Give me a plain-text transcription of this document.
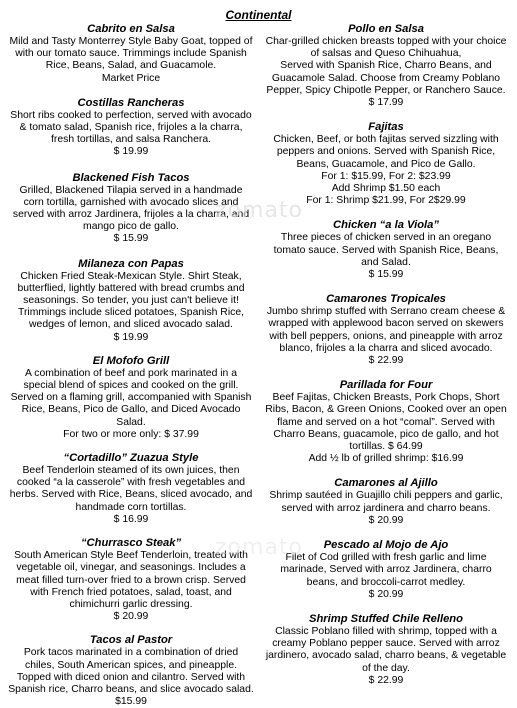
Continental
Cabrito en Salsa
Mild and Tasty Monterrey Style Baby Goat, topped of
with our tomato sauce. Trimmings include Spanish
Rice, Beans, Salad, and Guacamole.
Market Price
Costillas Rancheras
Short ribs cooked to perfection, served with avocado
& tomato salad, Spanish rice, frijoles a la charra,
fresh tortillas, and salsa Ranchera.
$ 19.99
Blackened Fish Tacos
Grilled, Blackened Tilapia served in a handmade
corn tortilla, garnished with avocado slices and
served with arroz Jardinera, frijoles a la charra, and
mango pico de gallo.
$ 15.99
Milaneza con Papas
Chicken Fried Steak-Mexican Style. Shirt Steak,
butterflied, lightly battered with bread crumbs and
seasonings. So tender, you just can't believe it!
Trimmings include sliced potatoes, Spanish Rice,
wedges of lemon, and sliced avocado salad.
$ 19.99
El Mofofo Grill
A combination of beef and pork marinated in a
special blend of spices and cooked on the grill.
Served on a flaming grill, accompanied with Spanish
Rice, Beans, Pico de Gallo, and Diced Avocado
Salad.
For two or more only: $ 37.99
“Cortadillo” Zuazua Style
Beef Tenderloin steamed of its own juices, then
cooked “a la casserole” with fresh vegetables and
herbs. Served with Rice, Beans, sliced avocado, and
handmade corn tortillas.
$ 16.99
“Churrasco Steak”
South American Style Beef Tenderloin, treated with
vegetable oil, vinegar, and seasonings. Includes a
meat filled turn-over fried to a brown crisp. Served
with French fried potatoes, salad, toast, and
chimichurri garlic dressing.
$ 20.99
Tacos al Pastor
Pork tacos marinated in a combination of dried
chiles, South American spices, and pineapple.
Topped with diced onion and cilantro. Served with
Spanish rice, Charro beans, and slice avocado salad.
$15.99
Pollo en Salsa
Char-grilled chicken breasts topped with your choice
of salsas and Queso Chihuahua,
Served with Spanish Rice, Charro Beans, and
Guacamole Salad. Choose from Creamy Poblano
Pepper, Spicy Chipotle Pepper, or Ranchero Sauce.
$ 17.99
Fajitas
Chicken, Beef, or both fajitas served sizzling with
peppers and onions. Served with Spanish Rice,
Beans, Guacamole, and Pico de Gallo.
For 1: $15.99, For 2: $23.99
Add Shrimp $1.50 each
For 1: Shrimp $21.99, For 2$29.99
Chicken “a la Viola”
Three pieces of chicken served in an oregano
tomato sauce. Served with Spanish Rice, Beans,
and Salad.
$ 15.99
Camarones Tropicales
Jumbo shrimp stuffed with Serrano cream cheese &
wrapped with applewood bacon served on skewers
with bell peppers, onions, and pineapple with arroz
blanco, frijoles a la charra and sliced avocado.
$ 22.99
Parillada for Four
Beef Fajitas, Chicken Breasts, Pork Chops, Short
Ribs, Bacon, & Green Onions, Cooked over an open
flame and served on a hot “comal”. Served with
Charro Beans, guacamole, pico de gallo, and hot
tortillas. $ 64.99
Add ½ lb of grilled shrimp: $16.99
Camarones al Ajillo
Shrimp sautéed in Guajillo chili peppers and garlic,
served with arroz jardinera and charro beans.
$ 20.99
Pescado al Mojo de Ajo
Filet of Cod grilled with fresh garlic and lime
marinade, Served with arroz Jardinera, charro
beans, and broccoli-carrot medley.
$ 20.99
Shrimp Stuffed Chile Relleno
Classic Poblano filled with shrimp, topped with a
creamy Poblano pepper sauce. Served with arroz
jardinero, avocado salad, charro beans, & vegetable
of the day.
$ 22.99
zomato
zomato
